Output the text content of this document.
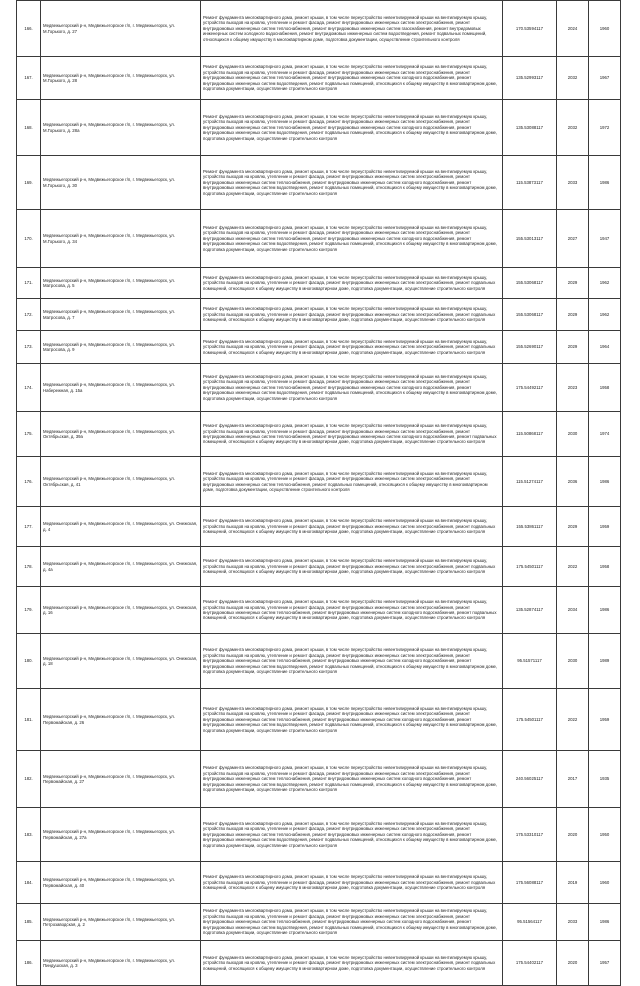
166.	Медвежьегорский р-н, Медвежьегорское г/п, г. Медвежьегорск, ул. М.Горького, д. 27	Ремонт фундамента многоквартирного дома, ремонт крыши, в том числе переустройство невентилируемой крыши на вентилируемую крышу, устройство выходов на кровлю, утепление и ремонт фасада, ремонт внутридомовых инженерных систем электроснабжения, ремонт внутридомовых инженерных систем теплоснабжения, ремонт внутридомовых инженерных систем газоснабжения, ремонт внутридомовых инженерных систем холодного водоснабжения, ремонт внутридомовых инженерных систем водоотведения, ремонт подвальных помещений, относящихся к общему имуществу в многоквартирном доме, подготовка документации, осуществление строительного контроля	170.53594117	2024	1960
167.	Медвежьегорский р-н, Медвежьегорское г/п, г. Медвежьегорск, ул. М.Горького, д. 28	Ремонт фундамента многоквартирного дома, ремонт крыши, в том числе переустройство невентилируемой крыши на вентилируемую крышу, устройство выходов на кровлю, утепление и ремонт фасада, ремонт внутридомовых инженерных систем электроснабжения, ремонт внутридомовых инженерных систем теплоснабжения, ремонт внутридомовых инженерных систем холодного водоснабжения, ремонт внутридомовых инженерных систем водоотведения, ремонт подвальных помещений, относящихся к общему имуществу в многоквартирном доме, подготовка документации, осуществление строительного контроля	135.52993117	2032	1967
168.	Медвежьегорский р-н, Медвежьегорское г/п, г. Медвежьегорск, ул. М.Горького, д. 28а	Ремонт фундамента многоквартирного дома, ремонт крыши, в том числе переустройство невентилируемой крыши на вентилируемую крышу, устройство выходов на кровлю, утепление и ремонт фасада, ремонт внутридомовых инженерных систем электроснабжения, ремонт внутридомовых инженерных систем теплоснабжения, ремонт внутридомовых инженерных систем холодного водоснабжения, ремонт внутридомовых инженерных систем водоотведения, ремонт подвальных помещений, относящихся к общему имуществу в многоквартирном доме, подготовка документации, осуществление строительного контроля	135.53088117	2032	1972
169.	Медвежьегорский р-н, Медвежьегорское г/п, г. Медвежьегорск, ул. М.Горького, д. 30	Ремонт фундамента многоквартирного дома, ремонт крыши, в том числе переустройство невентилируемой крыши на вентилируемую крышу, устройство выходов на кровлю, утепление и ремонт фасада, ремонт внутридомовых инженерных систем электроснабжения, ремонт внутридомовых инженерных систем теплоснабжения, ремонт внутридомовых инженерных систем холодного водоснабжения, ремонт внутридомовых инженерных систем водоотведения, ремонт подвальных помещений, относящихся к общему имуществу в многоквартирном доме, подготовка документации, осуществление строительного контроля	115.53873117	2033	1986
170.	Медвежьегорский р-н, Медвежьегорское г/п, г. Медвежьегорск, ул. М.Горького, д. 34	Ремонт фундамента многоквартирного дома, ремонт крыши, в том числе переустройство невентилируемой крыши на вентилируемую крышу, устройство выходов на кровлю, утепление и ремонт фасада, ремонт внутридомовых инженерных систем электроснабжения, ремонт внутридомовых инженерных систем теплоснабжения, ремонт внутридомовых инженерных систем холодного водоснабжения, ремонт внутридомовых инженерных систем водоотведения, ремонт подвальных помещений, относящихся к общему имуществу в многоквартирном доме, подготовка документации, осуществление строительного контроля	155.53013117	2027	1947
171.	Медвежьегорский р-н, Медвежьегорское г/п, г. Медвежьегорск, ул. Матросова, д. 5	Ремонт фундамента многоквартирного дома, ремонт крыши, в том числе переустройство невентилируемой крыши на вентилируемую крышу, устройство выходов на кровлю, утепление и ремонт фасада, ремонт внутридомовых инженерных систем электроснабжения, ремонт подвальных помещений, относящихся к общему имуществу в многоквартирном доме, подготовка документации, осуществление строительного контроля	155.53068117	2029	1962
172.	Медвежьегорский р-н, Медвежьегорское г/п, г. Медвежьегорск, ул. Матросова, д. 7	Ремонт фундамента многоквартирного дома, ремонт крыши, в том числе переустройство невентилируемой крыши на вентилируемую крышу, устройство выходов на кровлю, утепление и ремонт фасада, ремонт внутридомовых инженерных систем электроснабжения, ремонт подвальных помещений, относящихся к общему имуществу в многоквартирном доме, подготовка документации, осуществление строительного контроля	155.53068117	2029	1962
173.	Медвежьегорский р-н, Медвежьегорское г/п, г. Медвежьегорск, ул. Матросова, д. 9	Ремонт фундамента многоквартирного дома, ремонт крыши, в том числе переустройство невентилируемой крыши на вентилируемую крышу, устройство выходов на кровлю, утепление и ремонт фасада, ремонт внутридомовых инженерных систем электроснабжения, ремонт подвальных помещений, относящихся к общему имуществу в многоквартирном доме, подготовка документации, осуществление строительного контроля	155.52690117	2029	1964
174.	Медвежьегорский р-н, Медвежьегорское г/п, г. Медвежьегорск, ул. Набережная, д. 15а	Ремонт фундамента многоквартирного дома, ремонт крыши, в том числе переустройство невентилируемой крыши на вентилируемую крышу, устройство выходов на кровлю, утепление и ремонт фасада, ремонт внутридомовых инженерных систем электроснабжения, ремонт внутридомовых инженерных систем теплоснабжения, ремонт внутридомовых инженерных систем холодного водоснабжения, ремонт внутридомовых инженерных систем водоотведения, ремонт подвальных помещений, относящихся к общему имуществу в многоквартирном доме, подготовка документации, осуществление строительного контроля	175.54492117	2023	1958
175.	Медвежьегорский р-н, Медвежьегорское г/п, г. Медвежьегорск, ул. Октябрьская, д. 39а	Ремонт фундамента многоквартирного дома, ремонт крыши, в том числе переустройство невентилируемой крыши на вентилируемую крышу, устройство выходов на кровлю, утепление и ремонт фасада, ремонт внутридомовых инженерных систем электроснабжения, ремонт внутридомовых инженерных систем теплоснабжения, ремонт внутридомовых инженерных систем холодного водоснабжения, ремонт подвальных помещений, относящихся к общему имуществу в многоквартирном доме, подготовка документации, осуществление строительного контроля	115.50868117	2030	1974
176.	Медвежьегорский р-н, Медвежьегорское г/п, г. Медвежьегорск, ул. Октябрьская, д. 41	Ремонт фундамента многоквартирного дома, ремонт крыши, в том числе переустройство невентилируемой крыши на вентилируемую крышу, устройство выходов на кровлю, утепление и ремонт фасада, ремонт внутридомовых инженерных систем электроснабжения, ремонт внутридомовых инженерных систем теплоснабжения, ремонт подвальных помещений, относящихся к общему имуществу в многоквартирном доме, подготовка документации, осуществление строительного контроля	115.51274117	2036	1986
177.	Медвежьегорский р-н, Медвежьегорское г/п, г. Медвежьегорск, ул. Онежская, д. 4	Ремонт фундамента многоквартирного дома, ремонт крыши, в том числе переустройство невентилируемой крыши на вентилируемую крышу, устройство выходов на кровлю, утепление и ремонт фасада, ремонт внутридомовых инженерных систем электроснабжения, ремонт подвальных помещений, относящихся к общему имуществу в многоквартирном доме, подготовка документации, осуществление строительного контроля	155.53861117	2029	1959
178.	Медвежьегорский р-н, Медвежьегорское г/п, г. Медвежьегорск, ул. Онежская, д. 4а	Ремонт фундамента многоквартирного дома, ремонт крыши, в том числе переустройство невентилируемой крыши на вентилируемую крышу, устройство выходов на кровлю, утепление и ремонт фасада, ремонт внутридомовых инженерных систем электроснабжения, ремонт подвальных помещений, относящихся к общему имуществу в многоквартирном доме, подготовка документации, осуществление строительного контроля	175.54501117	2022	1958
179.	Медвежьегорский р-н, Медвежьегорское г/п, г. Медвежьегорск, ул. Онежская, д. 16	Ремонт фундамента многоквартирного дома, ремонт крыши, в том числе переустройство невентилируемой крыши на вентилируемую крышу, устройство выходов на кровлю, утепление и ремонт фасада, ремонт внутридомовых инженерных систем электроснабжения, ремонт внутридомовых инженерных систем теплоснабжения, ремонт внутридомовых инженерных систем холодного водоснабжения, ремонт подвальных помещений, относящихся к общему имуществу в многоквартирном доме, подготовка документации, осуществление строительного контроля	135.52874117	2034	1986
180.	Медвежьегорский р-н, Медвежьегорское г/п, г. Медвежьегорск, ул. Онежская, д. 18	Ремонт фундамента многоквартирного дома, ремонт крыши, в том числе переустройство невентилируемой крыши на вентилируемую крышу, устройство выходов на кровлю, утепление и ремонт фасада, ремонт внутридомовых инженерных систем электроснабжения, ремонт внутридомовых инженерных систем теплоснабжения, ремонт внутридомовых инженерных систем холодного водоснабжения, ремонт внутридомовых инженерных систем водоотведения, ремонт подвальных помещений, относящихся к общему имуществу в многоквартирном доме, подготовка документации, осуществление строительного контроля	95.51571117	2030	1989
181.	Медвежьегорский р-н, Медвежьегорское г/п, г. Медвежьегорск, ул. Первомайская, д. 26	Ремонт фундамента многоквартирного дома, ремонт крыши, в том числе переустройство невентилируемой крыши на вентилируемую крышу, устройство выходов на кровлю, утепление и ремонт фасада, ремонт внутридомовых инженерных систем электроснабжения, ремонт внутридомовых инженерных систем теплоснабжения, ремонт внутридомовых инженерных систем холодного водоснабжения, ремонт внутридомовых инженерных систем водоотведения, ремонт подвальных помещений, относящихся к общему имуществу в многоквартирном доме, подготовка документации, осуществление строительного контроля	175.54501117	2022	1959
182.	Медвежьегорский р-н, Медвежьегорское г/п, г. Медвежьегорск, ул. Первомайская, д. 27	Ремонт фундамента многоквартирного дома, ремонт крыши, в том числе переустройство невентилируемой крыши на вентилируемую крышу, устройство выходов на кровлю, утепление и ремонт фасада, ремонт внутридомовых инженерных систем электроснабжения, ремонт внутридомовых инженерных систем теплоснабжения, ремонт внутридомовых инженерных систем холодного водоснабжения, ремонт внутридомовых инженерных систем водоотведения, ремонт подвальных помещений, относящихся к общему имуществу в многоквартирном доме, подготовка документации, осуществление строительного контроля	240.56025117	2017	1935
183.	Медвежьегорский р-н, Медвежьегорское г/п, г. Медвежьегорск, ул. Первомайская, д. 27а	Ремонт фундамента многоквартирного дома, ремонт крыши, в том числе переустройство невентилируемой крыши на вентилируемую крышу, устройство выходов на кровлю, утепление и ремонт фасада, ремонт внутридомовых инженерных систем электроснабжения, ремонт внутридомовых инженерных систем теплоснабжения, ремонт внутридомовых инженерных систем холодного водоснабжения, ремонт внутридомовых инженерных систем водоотведения, ремонт подвальных помещений, относящихся к общему имуществу в многоквартирном доме, подготовка документации, осуществление строительного контроля	175.53310117	2020	1950
184.	Медвежьегорский р-н, Медвежьегорское г/п, г. Медвежьегорск, ул. Первомайская, д. 40	Ремонт фундамента многоквартирного дома, ремонт крыши, в том числе переустройство невентилируемой крыши на вентилируемую крышу, устройство выходов на кровлю, утепление и ремонт фасада, ремонт внутридомовых инженерных систем электроснабжения, ремонт подвальных помещений, относящихся к общему имуществу в многоквартирном доме, подготовка документации, осуществление строительного контроля	175.56088117	2019	1960
185.	Медвежьегорский р-н, Медвежьегорское г/п, г. Медвежьегорск, ул. Петрозаводская, д. 2	Ремонт фундамента многоквартирного дома, ремонт крыши, в том числе переустройство невентилируемой крыши на вентилируемую крышу, устройство выходов на кровлю, утепление и ремонт фасада, ремонт внутридомовых инженерных систем электроснабжения, ремонт внутридомовых инженерных систем теплоснабжения, ремонт внутридомовых инженерных систем холодного водоснабжения, ремонт внутридомовых инженерных систем водоотведения, ремонт подвальных помещений, относящихся к общему имуществу в многоквартирном доме, подготовка документации, осуществление строительного контроля	95.51564117	2033	1986
186.	Медвежьегорский р-н, Медвежьегорское г/п, г. Медвежьегорск, ул. Пиндушская, д. 3	Ремонт фундамента многоквартирного дома, ремонт крыши, в том числе переустройство невентилируемой крыши на вентилируемую крышу, устройство выходов на кровлю, утепление и ремонт фасада, ремонт внутридомовых инженерных систем электроснабжения, ремонт подвальных помещений, относящихся к общему имуществу в многоквартирном доме, подготовка документации, осуществление строительного контроля	175.54402117	2020	1957
